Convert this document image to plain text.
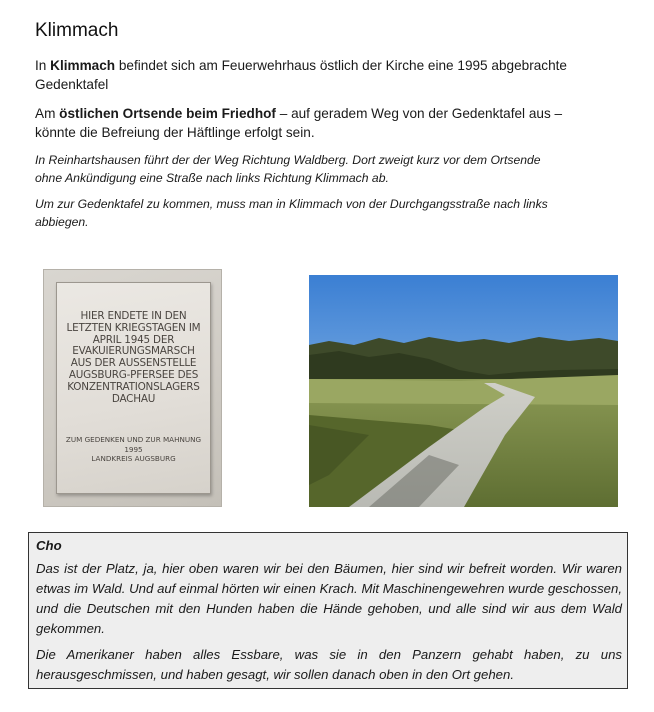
Klimmach
In Klimmach befindet sich am Feuerwehrhaus östlich der Kirche eine 1995 abgebrachte Gedenktafel
Am östlichen Ortsende beim Friedhof – auf geradem Weg von der Gedenktafel aus – könnte die Befreiung der Häftlinge erfolgt sein.
In Reinhartshausen führt der der Weg Richtung Waldberg. Dort zweigt kurz vor dem Ortsende ohne Ankündigung eine Straße nach links Richtung Klimmach ab.
Um zur Gedenktafel zu kommen, muss man in Klimmach von der Durchgangsstraße nach links abbiegen.
HIER ENDETE IN DEN
LETZTEN KRIEGSTAGEN IM
APRIL 1945 DER
EVAKUIERUNGSMARSCH
AUS DER AUSSENSTELLE
AUGSBURG-PFERSEE DES
KONZENTRATIONSLAGERS
DACHAU
ZUM GEDENKEN UND ZUR MAHNUNG
1995
LANDKREIS AUGSBURG
Cho

Das ist der Platz, ja, hier oben waren wir bei den Bäumen, hier sind wir befreit worden. Wir waren etwas im Wald. Und auf einmal hörten wir einen Krach. Mit Maschinengewehren wurde geschossen, und die Deutschen mit den Hunden haben die Hände gehoben, und alle sind wir aus dem Wald gekommen.

Die Amerikaner haben alles Essbare, was sie in den Panzern gehabt haben, zu uns herausgeschmissen, und haben gesagt, wir sollen danach oben in den Ort gehen.
